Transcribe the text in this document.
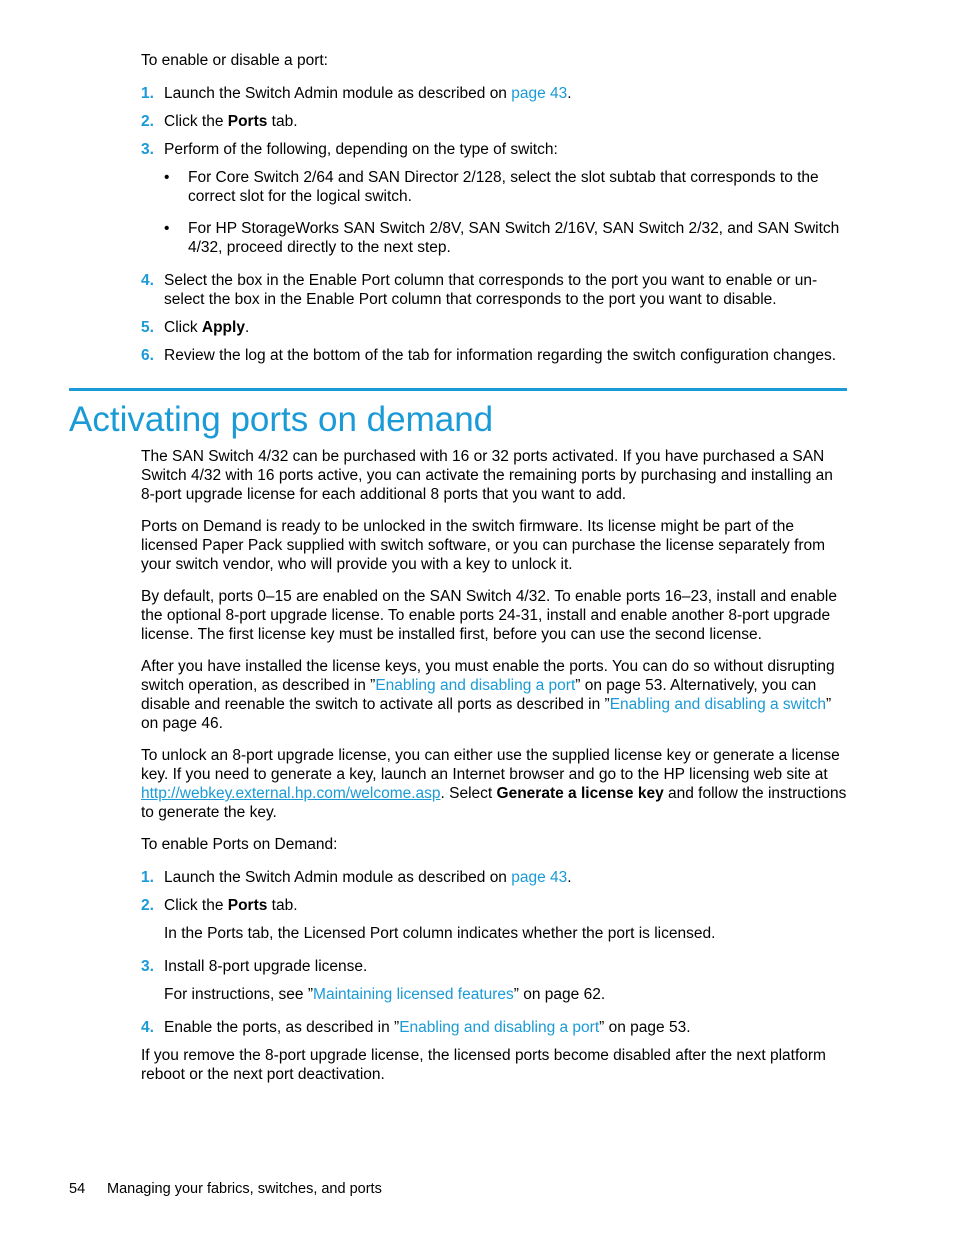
To enable or disable a port:
1. Launch the Switch Admin module as described on page 43.
2. Click the Ports tab.
3. Perform of the following, depending on the type of switch:
• For Core Switch 2/64 and SAN Director 2/128, select the slot subtab that corresponds to the correct slot for the logical switch.
• For HP StorageWorks SAN Switch 2/8V, SAN Switch 2/16V, SAN Switch 2/32, and SAN Switch 4/32, proceed directly to the next step.
4. Select the box in the Enable Port column that corresponds to the port you want to enable or un-select the box in the Enable Port column that corresponds to the port you want to disable.
5. Click Apply.
6. Review the log at the bottom of the tab for information regarding the switch configuration changes.
Activating ports on demand
The SAN Switch 4/32 can be purchased with 16 or 32 ports activated. If you have purchased a SAN Switch 4/32 with 16 ports active, you can activate the remaining ports by purchasing and installing an 8-port upgrade license for each additional 8 ports that you want to add.
Ports on Demand is ready to be unlocked in the switch firmware. Its license might be part of the licensed Paper Pack supplied with switch software, or you can purchase the license separately from your switch vendor, who will provide you with a key to unlock it.
By default, ports 0–15 are enabled on the SAN Switch 4/32. To enable ports 16–23, install and enable the optional 8-port upgrade license. To enable ports 24-31, install and enable another 8-port upgrade license. The first license key must be installed first, before you can use the second license.
After you have installed the license keys, you must enable the ports. You can do so without disrupting switch operation, as described in ”Enabling and disabling a port” on page 53. Alternatively, you can disable and reenable the switch to activate all ports as described in ”Enabling and disabling a switch” on page 46.
To unlock an 8-port upgrade license, you can either use the supplied license key or generate a license key. If you need to generate a key, launch an Internet browser and go to the HP licensing web site at http://webkey.external.hp.com/welcome.asp. Select Generate a license key and follow the instructions to generate the key.
To enable Ports on Demand:
1. Launch the Switch Admin module as described on page 43.
2. Click the Ports tab.
In the Ports tab, the Licensed Port column indicates whether the port is licensed.
3. Install 8-port upgrade license.
For instructions, see ”Maintaining licensed features” on page 62.
4. Enable the ports, as described in ”Enabling and disabling a port” on page 53.
If you remove the 8-port upgrade license, the licensed ports become disabled after the next platform reboot or the next port deactivation.
54 Managing your fabrics, switches, and ports
